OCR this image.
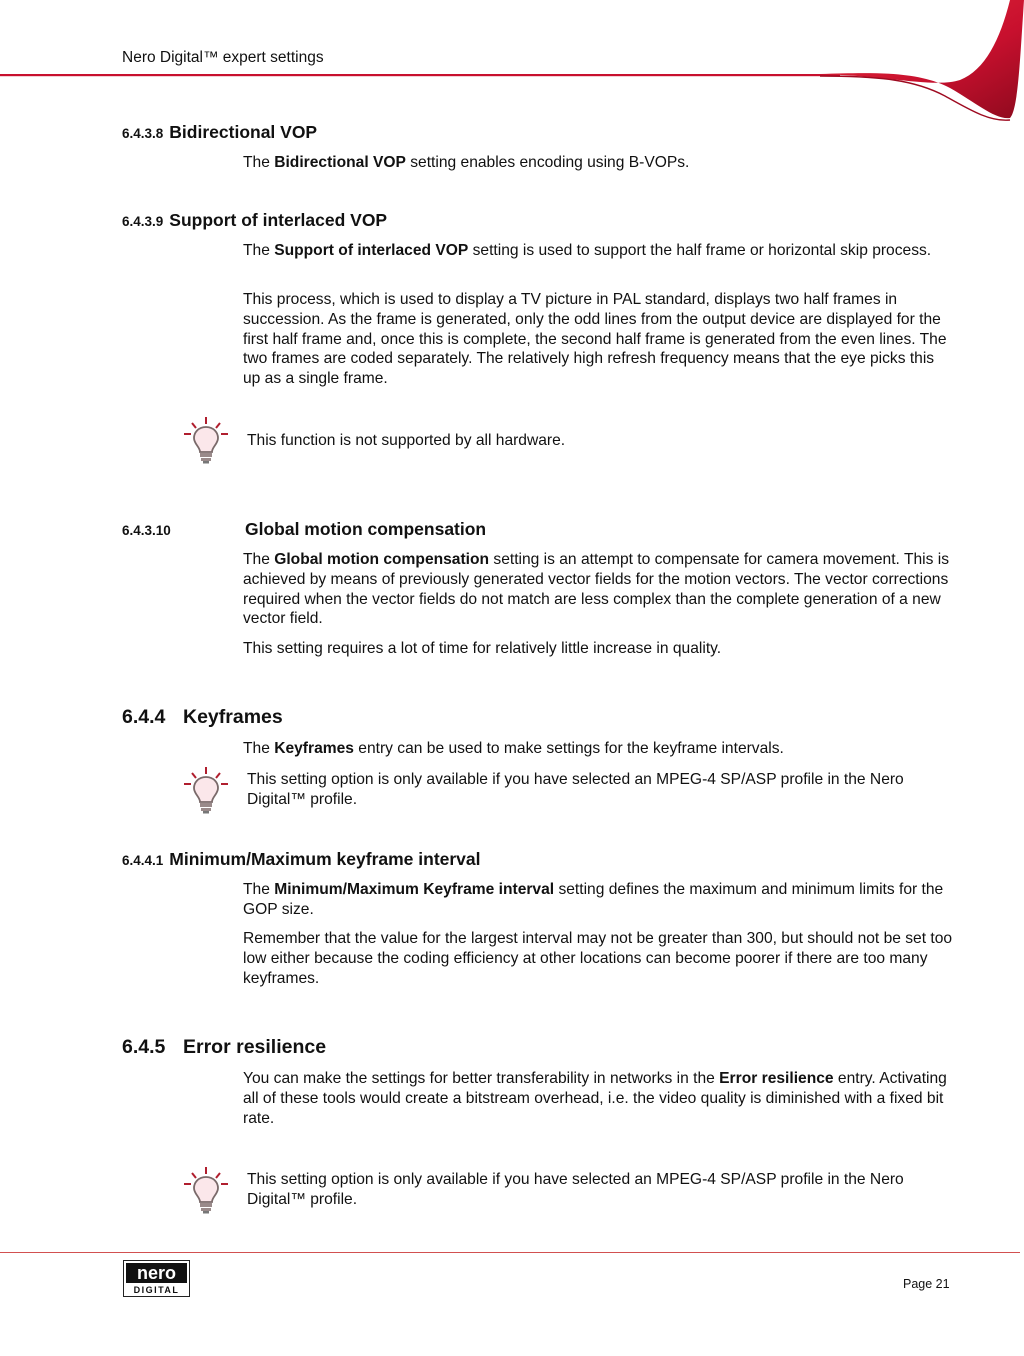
Nero Digital™ expert settings
6.4.3.8 Bidirectional VOP
The Bidirectional VOP setting enables encoding using B-VOPs.
6.4.3.9 Support of interlaced VOP
The Support of interlaced VOP setting is used to support the half frame or horizontal skip process.
This process, which is used to display a TV picture in PAL standard, displays two half frames in succession. As the frame is generated, only the odd lines from the output device are displayed for the first half frame and, once this is complete, the second half frame is generated from the even lines. The two frames are coded separately. The relatively high refresh frequency means that the eye picks this up as a single frame.
This function is not supported by all hardware.
6.4.3.10	Global motion compensation
The Global motion compensation setting is an attempt to compensate for camera movement. This is achieved by means of previously generated vector fields for the motion vectors. The vector corrections required when the vector fields do not match are less complex than the complete generation of a new vector field.
This setting requires a lot of time for relatively little increase in quality.
6.4.4 Keyframes
The Keyframes entry can be used to make settings for the keyframe intervals.
This setting option is only available if you have selected an MPEG-4 SP/ASP profile in the Nero Digital™ profile.
6.4.4.1 Minimum/Maximum keyframe interval
The Minimum/Maximum Keyframe interval setting defines the maximum and minimum limits for the GOP size.
Remember that the value for the largest interval may not be greater than 300, but should not be set too low either because the coding efficiency at other locations can become poorer if there are too many keyframes.
6.4.5 Error resilience
You can make the settings for better transferability in networks in the Error resilience entry. Activating all of these tools would create a bitstream overhead, i.e. the video quality is diminished with a fixed bit rate.
This setting option is only available if you have selected an MPEG-4 SP/ASP profile in the Nero Digital™ profile.
nero
DIGITAL	Page 21
